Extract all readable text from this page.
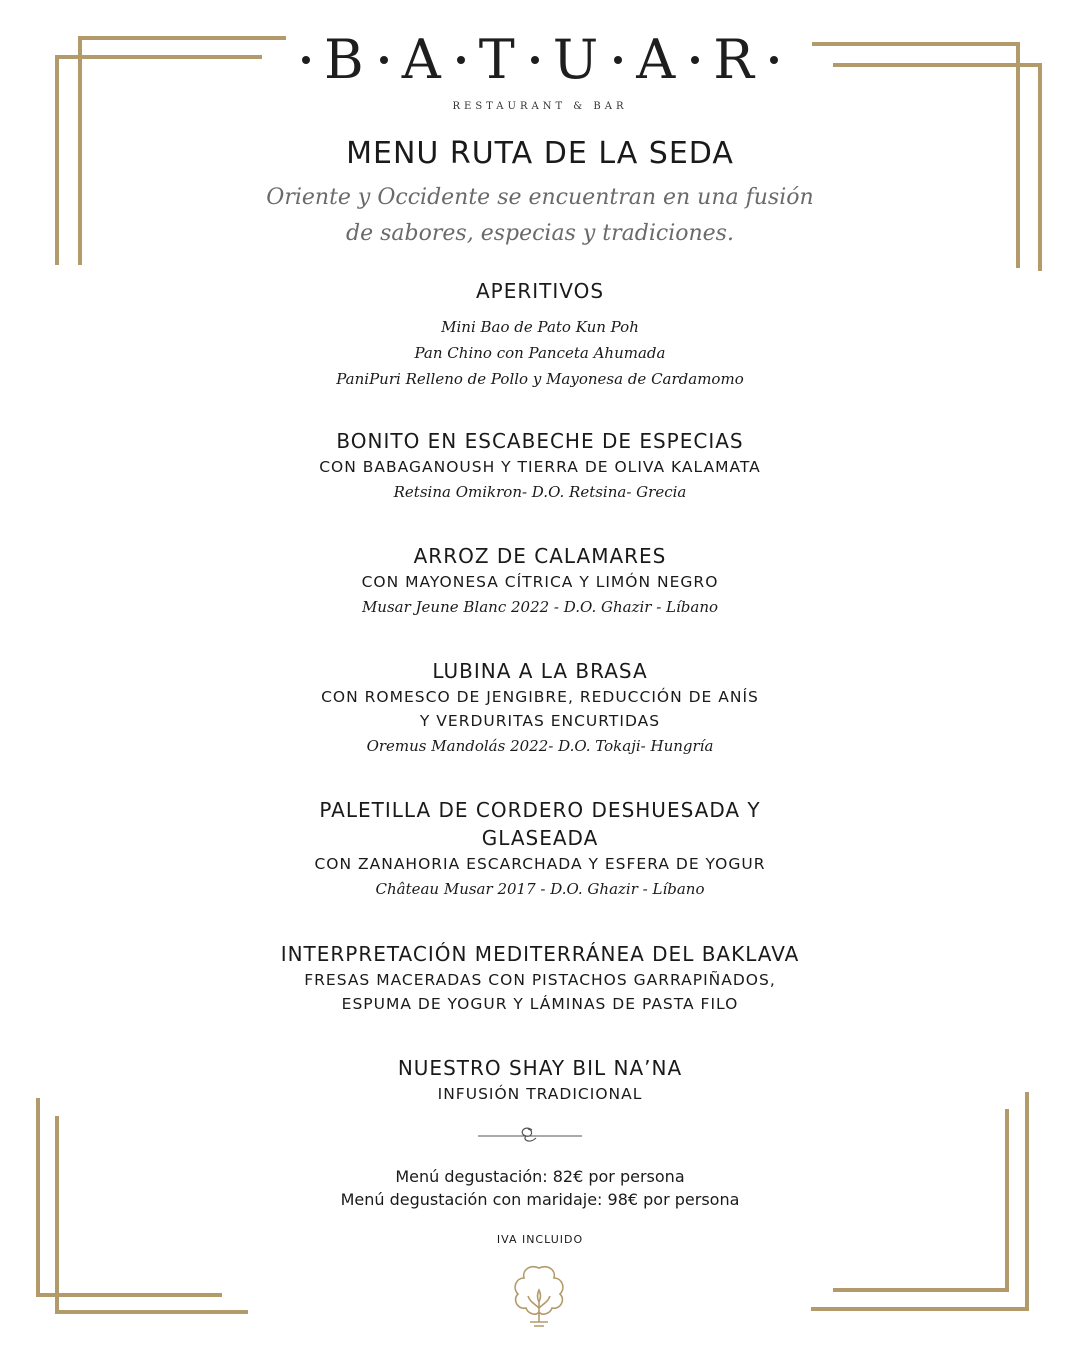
B A T U A R
RESTAURANT & BAR
MENU RUTA DE LA SEDA
Oriente y Occidente se encuentran en una fusión
de sabores, especias y tradiciones.
APERITIVOS
Mini Bao de Pato Kun Poh
Pan Chino con Panceta Ahumada
PaniPuri Relleno de Pollo y Mayonesa de Cardamomo
BONITO EN ESCABECHE DE ESPECIAS
CON BABAGANOUSH Y TIERRA DE OLIVA KALAMATA
Retsina Omikron- D.O. Retsina- Grecia
ARROZ DE CALAMARES
CON MAYONESA CÍTRICA Y LIMÓN NEGRO
Musar Jeune Blanc 2022 - D.O. Ghazir - Líbano
LUBINA A LA BRASA
CON ROMESCO DE JENGIBRE, REDUCCIÓN DE ANÍS
Y VERDURITAS ENCURTIDAS
Oremus Mandolás 2022- D.O. Tokaji- Hungría
PALETILLA DE CORDERO DESHUESADA Y
GLASEADA
CON ZANAHORIA ESCARCHADA Y ESFERA DE YOGUR
Château Musar 2017 - D.O. Ghazir - Líbano
INTERPRETACIÓN MEDITERRÁNEA DEL BAKLAVA
FRESAS MACERADAS CON PISTACHOS GARRAPIÑADOS,
ESPUMA DE YOGUR Y LÁMINAS DE PASTA FILO
NUESTRO SHAY BIL NA’NA
INFUSIÓN TRADICIONAL
Menú degustación: 82€ por persona
Menú degustación con maridaje: 98€ por persona
IVA INCLUIDO
